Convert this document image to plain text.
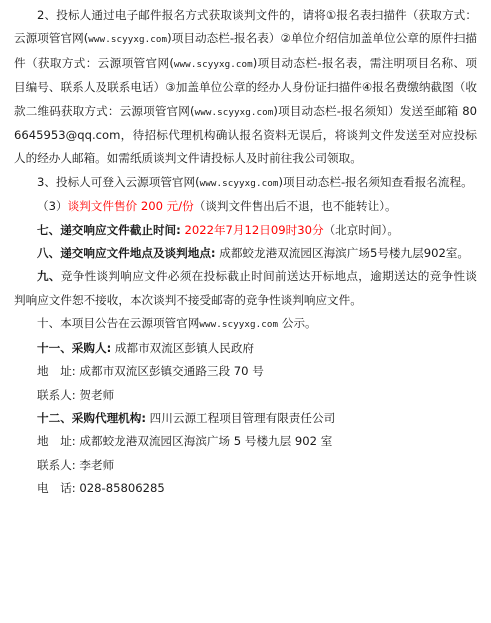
2、投标人通过电子邮件报名方式获取谈判文件的，请将①报名表扫描件（获取方式：云源项管官网(www.scyyxg.com)项目动态栏-报名表）②单位介绍信加盖单位公章的原件扫描件（获取方式：云源项管官网(www.scyyxg.com)项目动态栏-报名表，需注明项目名称、项目编号、联系人及联系电话）③加盖单位公章的经办人身份证扫描件④报名费缴纳截图（收款二维码获取方式：云源项管官网(www.scyyxg.com)项目动态栏-报名须知）发送至邮箱 806645953@qq.com，待招标代理机构确认报名资料无误后，将谈判文件发送至对应投标人的经办人邮箱。如需纸质谈判文件请投标人及时前往我公司领取。

3、投标人可登入云源项管官网(www.scyyxg.com)项目动态栏-报名须知查看报名流程。

（3）谈判文件售价 200 元/份（谈判文件售出后不退，也不能转让）。

七、递交响应文件截止时间: 2022年7月12日09时30分（北京时间）。

八、递交响应文件地点及谈判地点: 成都蛟龙港双流园区海滨广场5号楼九层902室。

九、竞争性谈判响应文件必须在投标截止时间前送达开标地点，逾期送达的竞争性谈判响应文件恕不接收，本次谈判不接受邮寄的竞争性谈判响应文件。

十、本项目公告在云源项管官网www.scyyxg.com 公示。

十一、采购人: 成都市双流区彭镇人民政府

地　址: 成都市双流区彭镇交通路三段 70 号

联系人: 贺老师

十二、采购代理机构: 四川云源工程项目管理有限责任公司

地　址: 成都蛟龙港双流园区海滨广场 5 号楼九层 902 室

联系人: 李老师

电　话: 028-85806285
